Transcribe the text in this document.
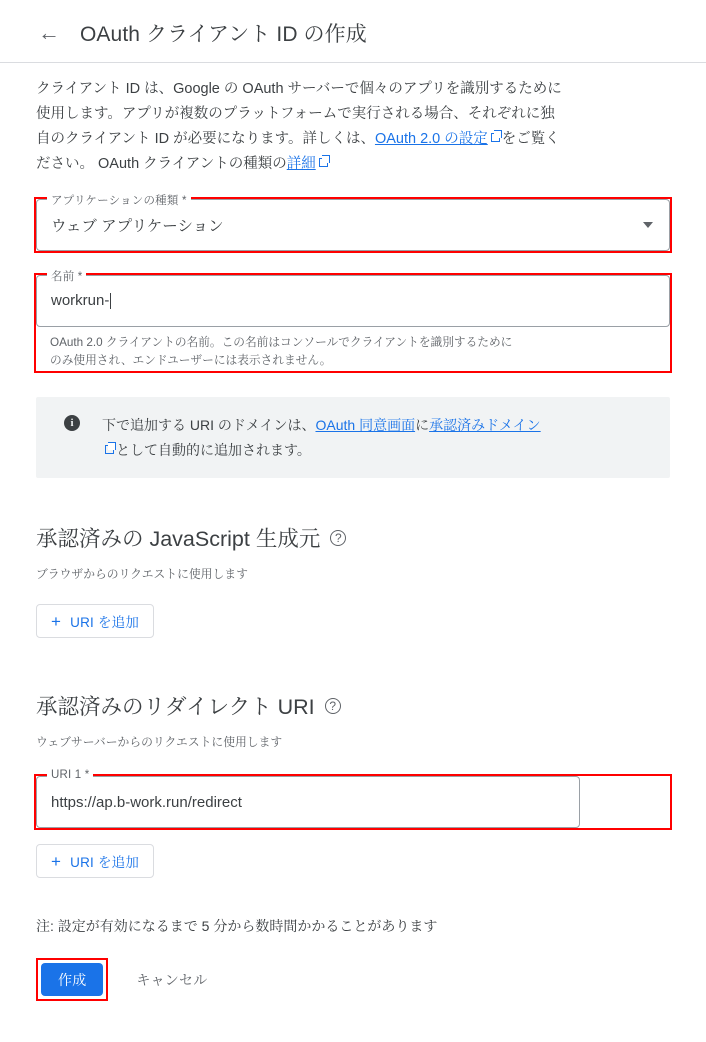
← OAuth クライアント ID の作成
クライアント ID は、Google の OAuth サーバーで個々のアプリを識別するために
使用します。アプリが複数のプラットフォームで実行される場合、それぞれに独
自のクライアント ID が必要になります。詳しくは、OAuth 2.0 の設定 をご覧く
ださい。 OAuth クライアントの種類の詳細
アプリケーションの種類 *
ウェブ アプリケーション
名前 *
workrun-
OAuth 2.0 クライアントの名前。この名前はコンソールでクライアントを識別するために
のみ使用され、エンドユーザーには表示されません。
i	下で追加する URI のドメインは、OAuth 同意画面に承認済みドメイン
として自動的に追加されます。
承認済みの JavaScript 生成元	?
ブラウザからのリクエストに使用します
+ URI を追加
承認済みのリダイレクト URI	?
ウェブサーバーからのリクエストに使用します
URI 1 *
https://ap.b-work.run/redirect
+ URI を追加
注: 設定が有効になるまで 5 分から数時間かかることがあります
作成	キャンセル
